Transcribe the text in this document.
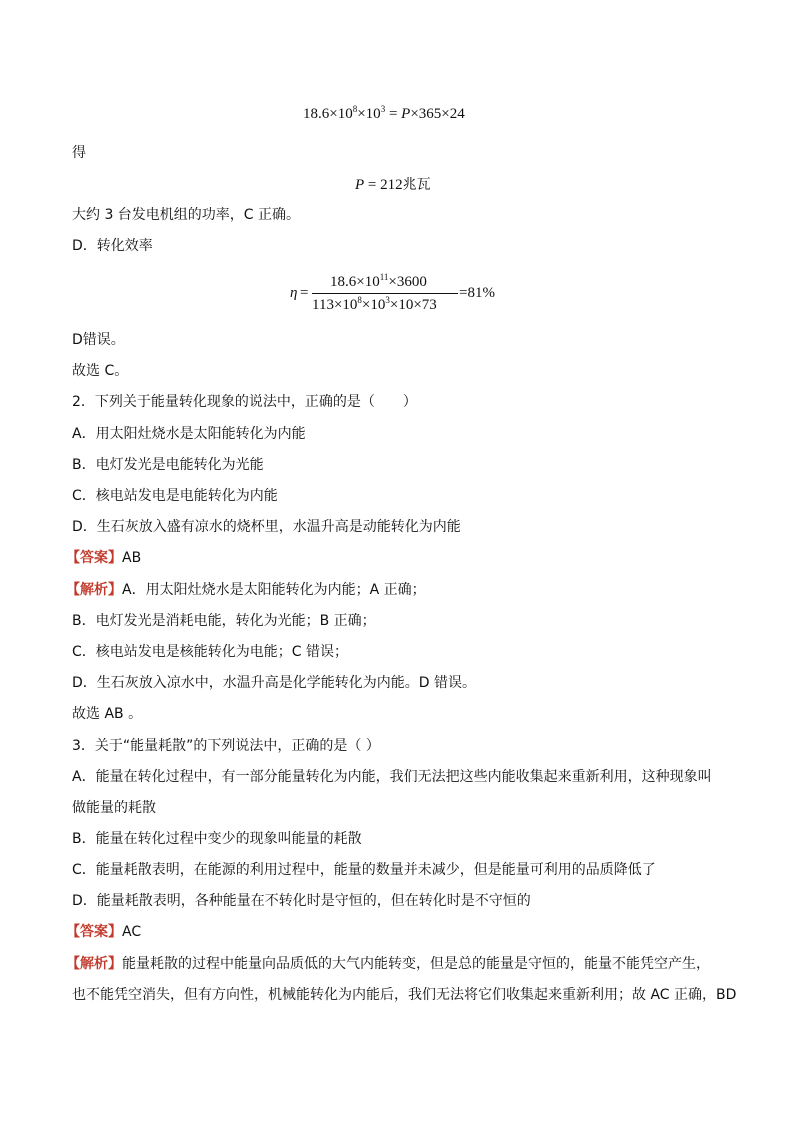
$18.6\times 10^8\times 10^3 = P\times 365\times 24$
得
P = 212兆瓦
大约 3 台发电机组的功率，C 正确。
D．转化效率
η =
$18.6\times 10^{11}\times 3600$
$113\times 10^8\times 10^3\times 10\times 73$
=81%
D错误。
故选 C。
2．下列关于能量转化现象的说法中，正确的是（　　）
A．用太阳灶烧水是太阳能转化为内能
B．电灯发光是电能转化为光能
C．核电站发电是电能转化为内能
D．生石灰放入盛有凉水的烧杯里，水温升高是动能转化为内能
【答案】AB
【解析】A．用太阳灶烧水是太阳能转化为内能；A 正确；
B．电灯发光是消耗电能，转化为光能；B 正确；
C．核电站发电是核能转化为电能；C 错误；
D．生石灰放入凉水中，水温升高是化学能转化为内能。D 错误。
故选 AB 。
3．关于“能量耗散”的下列说法中，正确的是（ ）
A．能量在转化过程中，有一部分能量转化为内能，我们无法把这些内能收集起来重新利用，这种现象叫
做能量的耗散
B．能量在转化过程中变少的现象叫能量的耗散
C．能量耗散表明，在能源的利用过程中，能量的数量并未减少，但是能量可利用的品质降低了
D．能量耗散表明，各种能量在不转化时是守恒的，但在转化时是不守恒的
【答案】AC
【解析】能量耗散的过程中能量向品质低的大气内能转变，但是总的能量是守恒的，能量不能凭空产生，
也不能凭空消失，但有方向性，机械能转化为内能后，我们无法将它们收集起来重新利用；故 AC 正确，BD
